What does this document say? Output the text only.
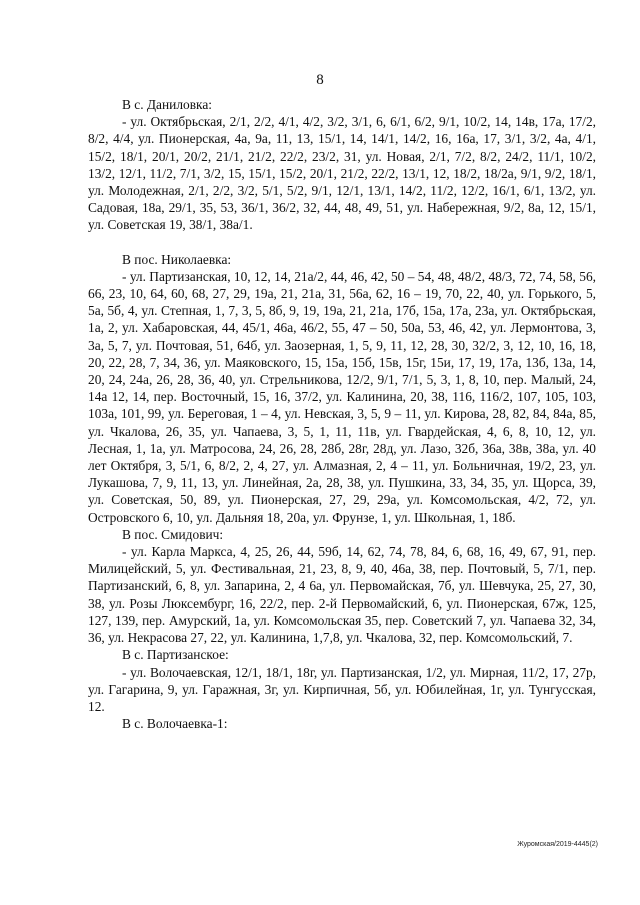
8

В с. Даниловка:

- ул. Октябрьская, 2/1, 2/2, 4/1, 4/2, 3/2, 3/1, 6, 6/1, 6/2, 9/1, 10/2, 14, 14в, 17а, 17/2, 8/2, 4/4, ул. Пионерская, 4а, 9а, 11, 13, 15/1, 14, 14/1, 14/2, 16, 16а, 17, 3/1, 3/2, 4а, 4/1, 15/2, 18/1, 20/1, 20/2, 21/1, 21/2, 22/2, 23/2, 31, ул. Новая, 2/1, 7/2, 8/2, 24/2, 11/1, 10/2, 13/2, 12/1, 11/2, 7/1, 3/2, 15, 15/1, 15/2, 20/1, 21/2, 22/2, 13/1, 12, 18/2, 18/2а, 9/1, 9/2, 18/1, ул. Молодежная, 2/1, 2/2, 3/2, 5/1, 5/2, 9/1, 12/1, 13/1, 14/2, 11/2, 12/2, 16/1, 6/1, 13/2, ул. Садовая, 18а, 29/1, 35, 53, 36/1, 36/2, 32, 44, 48, 49, 51, ул. Набережная, 9/2, 8а, 12, 15/1, ул. Советская 19, 38/1, 38а/1.

В пос. Николаевка:

- ул. Партизанская, 10, 12, 14, 21а/2, 44, 46, 42, 50 – 54, 48, 48/2, 48/3, 72, 74, 58, 56, 66, 23, 10, 64, 60, 68, 27, 29, 19а, 21, 21а, 31, 56а, 62, 16 – 19, 70, 22, 40, ул. Горького, 5, 5а, 5б, 4, ул. Степная, 1, 7, 3, 5, 8б, 9, 19, 19а, 21, 21а, 17б, 15а, 17а, 23а, ул. Октябрьская, 1а, 2, ул. Хабаровская, 44, 45/1, 46а, 46/2, 55, 47 – 50, 50а, 53, 46, 42, ул. Лермонтова, 3, 3а, 5, 7, ул. Почтовая, 51, 64б, ул. Заозерная, 1, 5, 9, 11, 12, 28, 30, 32/2, 3, 12, 10, 16, 18, 20, 22, 28, 7, 34, 36, ул. Маяковского, 15, 15а, 15б, 15в, 15г, 15и, 17, 19, 17а, 13б, 13а, 14, 20, 24, 24а, 26, 28, 36, 40, ул. Стрельникова, 12/2, 9/1, 7/1, 5, 3, 1, 8, 10, пер. Малый, 24, 14а 12, 14, пер. Восточный, 15, 16, 37/2, ул. Калинина, 20, 38, 116, 116/2, 107, 105, 103, 103а, 101, 99, ул. Береговая, 1 – 4, ул. Невская, 3, 5, 9 – 11, ул. Кирова, 28, 82, 84, 84а, 85, ул. Чкалова, 26, 35, ул. Чапаева, 3, 5, 1, 11, 11в, ул. Гвардейская, 4, 6, 8, 10, 12, ул. Лесная, 1, 1а, ул. Матросова, 24, 26, 28, 28б, 28г, 28д, ул. Лазо, 32б, 36а, 38в, 38а, ул. 40 лет Октября, 3, 5/1, 6, 8/2, 2, 4, 27, ул. Алмазная, 2, 4 – 11, ул. Больничная, 19/2, 23, ул. Лукашова, 7, 9, 11, 13, ул. Линейная, 2а, 28, 38, ул. Пушкина, 33, 34, 35, ул. Щорса, 39, ул. Советская, 50, 89, ул. Пионерская, 27, 29, 29а, ул. Комсомольская, 4/2, 72, ул. Островского 6, 10, ул. Дальняя 18, 20а, ул. Фрунзе, 1, ул. Школьная, 1, 18б.

В пос. Смидович:

- ул. Карла Маркса, 4, 25, 26, 44, 59б, 14, 62, 74, 78, 84, 6, 68, 16, 49, 67, 91, пер. Милицейский, 5, ул. Фестивальная, 21, 23, 8, 9, 40, 46а, 38, пер. Почтовый, 5, 7/1, пер. Партизанский, 6, 8, ул. Запарина, 2, 4 6а, ул. Первомайская, 7б, ул. Шевчука, 25, 27, 30, 38, ул. Розы Люксембург, 16, 22/2, пер. 2-й Первомайский, 6, ул. Пионерская, 67ж, 125, 127, 139, пер. Амурский, 1а, ул. Комсомольская 35, пер. Советский 7, ул. Чапаева 32, 34, 36, ул. Некрасова 27, 22, ул. Калинина, 1,7,8, ул. Чкалова, 32, пер. Комсомольский, 7.

В с. Партизанское:

- ул. Волочаевская, 12/1, 18/1, 18г, ул. Партизанская, 1/2, ул. Мирная, 11/2, 17, 27р, ул. Гагарина, 9, ул. Гаражная, 3г, ул. Кирпичная, 5б, ул. Юбилейная, 1г, ул. Тунгусская, 12.

В с. Волочаевка-1:

Журомская/2019-4445(2)
